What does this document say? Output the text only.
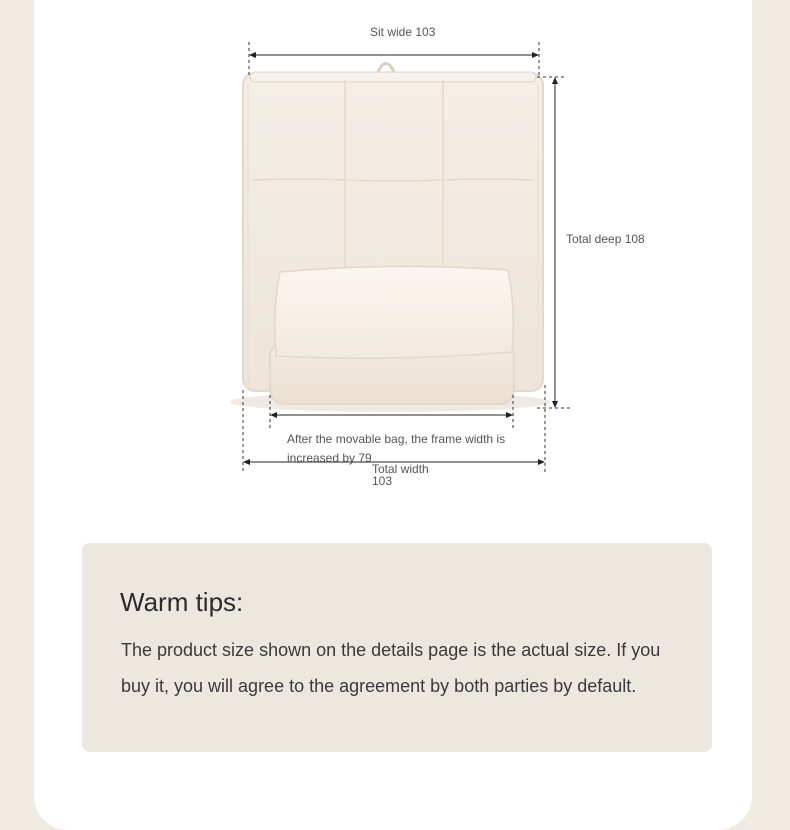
Sit wide 103
Total deep 108
After the movable bag, the frame width is
increased by 79
Total width
103
Warm tips:

The product size shown on the details page is the actual size. If you buy it, you will agree to the agreement by both parties by default.
